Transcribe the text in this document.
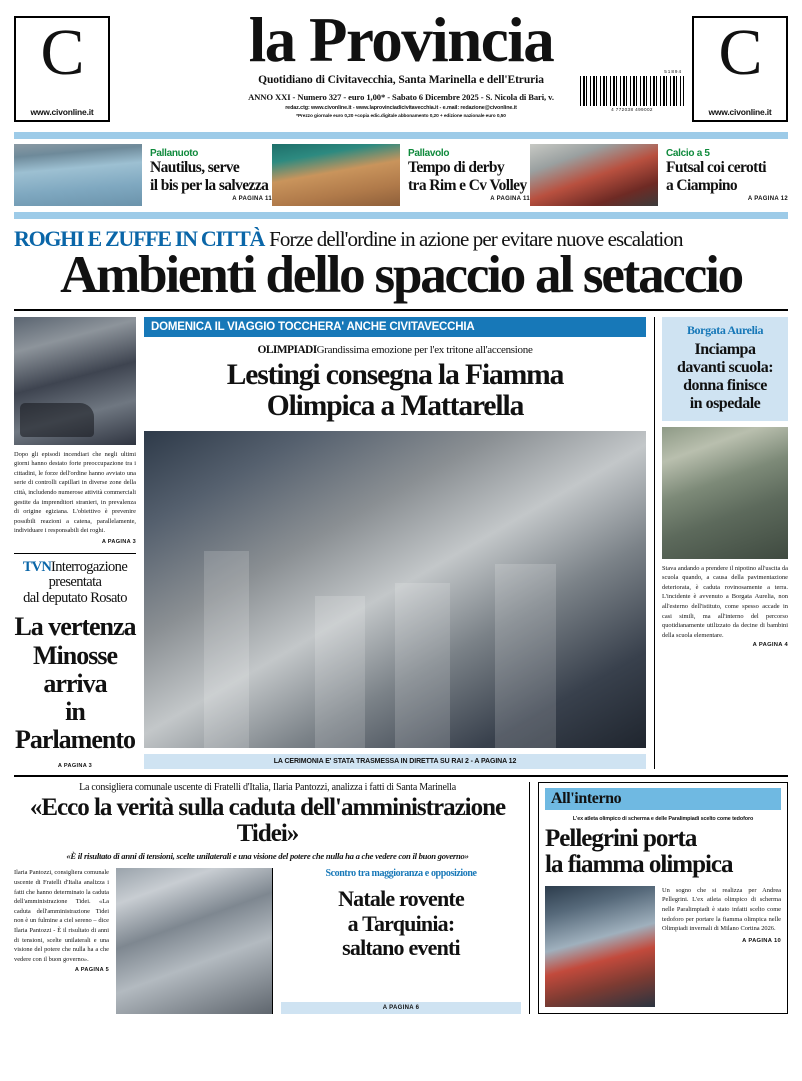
C
www.civonline.it
la Provincia
Quotidiano di Civitavecchia, Santa Marinella e dell'Etruria
ANNO XXI - Numero 327 - euro 1,00* - Sabato 6 Dicembre 2025 - S. Nicola di Bari, v.
redaz.ctg: www.civonline.it - www.laprovinciadicivitavecchia.it - e.mail: redazione@civonline.it
*Prezzo giornale euro 0,20 +copia edic.digitale abbonamento 0,20 + edizione nazionale euro 0,50
51894
4 772038 499002
C
www.civonline.it
Pallanuoto
Nautilus, serve
il bis per la salvezza
A PAGINA 11
Pallavolo
Tempo di derby
tra Rim e Cv Volley
A PAGINA 11
Calcio a 5
Futsal coi cerotti
a Ciampino
A PAGINA 12
ROGHI E ZUFFE IN CITTÀ Forze dell'ordine in azione per evitare nuove escalation
Ambienti dello spaccio al setaccio
Dopo gli episodi incendiari che negli ultimi giorni hanno destato forte preoccupazione tra i cittadini, le forze dell'ordine hanno avviato una serie di controlli capillari in diverse zone della città, includendo numerose attività commerciali gestite da imprenditori stranieri, in prevalenza di origine egiziana. L'obiettivo è prevenire possibili reazioni a catena, parallelamente, individuare i responsabili dei roghi.
A PAGINA 3
TVNInterrogazione presentata
dal deputato Rosato
La vertenza
Minosse
arriva
in Parlamento
A PAGINA 3
DOMENICA IL VIAGGIO TOCCHERA' ANCHE CIVITAVECCHIA
OLIMPIADIGrandissima emozione per l'ex tritone all'accensione
Lestingi consegna la Fiamma
Olimpica a Mattarella
LA CERIMONIA E' STATA TRASMESSA IN DIRETTA SU RAI 2 - A PAGINA 12
Borgata Aurelia
Inciampa
davanti scuola:
donna finisce
in ospedale
Stava andando a prendere il nipotino all'uscita da scuola quando, a causa della pavimentazione deteriorata, è caduta rovinosamente a terra. L'incidente è avvenuto a Borgata Aurelia, non all'esterno dell'istituto, come spesso accade in casi simili, ma all'interno del percorso quotidianamente utilizzato da decine di bambini della scuola elementare.
A PAGINA 4
La consigliera comunale uscente di Fratelli d'Italia, Ilaria Pantozzi, analizza i fatti di Santa Marinella
«Ecco la verità sulla caduta dell'amministrazione Tidei»
«È il risultato di anni di tensioni, scelte unilaterali e una visione del potere che nulla ha a che vedere con il buon governo»
Ilaria Pantozzi, consigliera comunale uscente di Fratelli d'Italia analizza i fatti che hanno determinato la caduta dell'amministrazione Tidei. «La caduta dell'amministrazione Tidei non è un fulmine a ciel sereno – dice Ilaria Pantozzi - È il risultato di anni di tensioni, scelte unilaterali e una visione del potere che nulla ha a che vedere con il buon governo».
A PAGINA 5
Scontro tra maggioranza e opposizione
Natale rovente
a Tarquinia:
saltano eventi
A PAGINA 6
All'interno
L'ex atleta olimpico di scherma e delle Paralimpiadi scelto come tedoforo
Pellegrini porta
la fiamma olimpica
Un sogno che si realizza per Andrea Pellegrini. L'ex atleta olimpico di scherma nelle Paralimpiadi è stato infatti scelto come tedoforo per portare la fiamma olimpica nelle Olimpiadi invernali di Milano Cortina 2026.
A PAGINA 10
